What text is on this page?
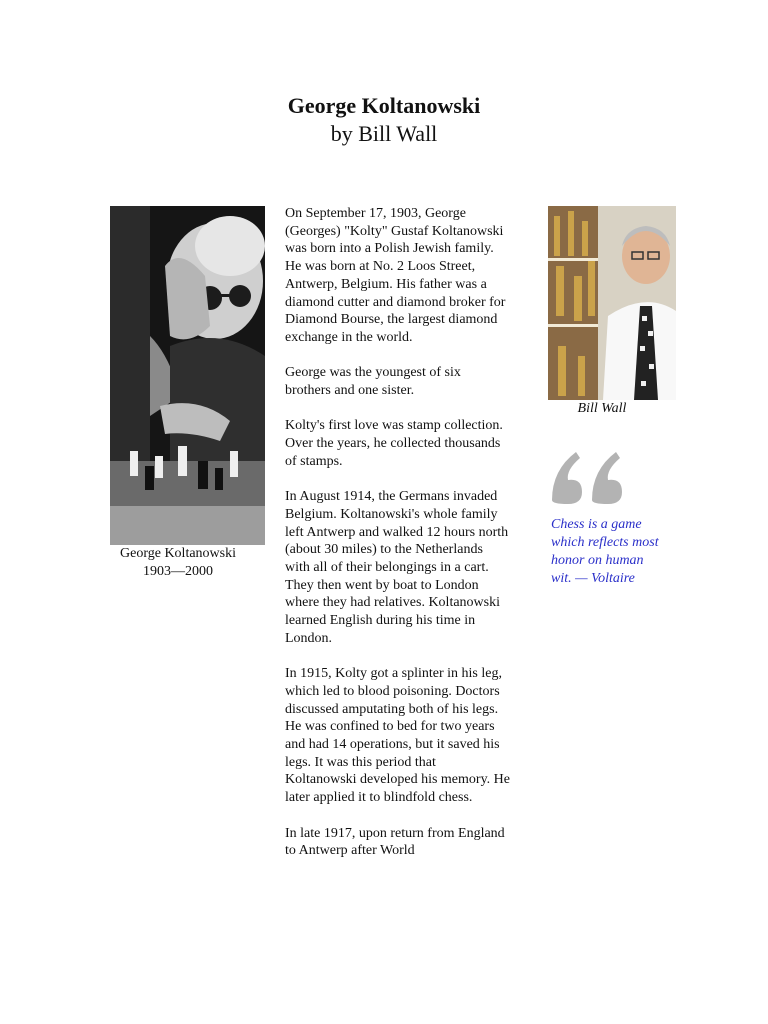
George Koltanowski
by Bill Wall
George Koltanowski
1903—2000

On September 17, 1903, George (Georges) "Kolty" Gustaf Koltanowski was born into a Polish Jewish family. He was born at No. 2 Loos Street, Antwerp, Belgium. His father was a diamond cutter and diamond broker for Diamond Bourse, the largest diamond exchange in the world.

George was the youngest of six brothers and one sister.

Kolty's first love was stamp collection. Over the years, he collected thousands of stamps.

In August 1914, the Germans invaded Belgium. Koltanowski's whole family left Antwerp and walked 12 hours north (about 30 miles) to the Netherlands with all of their belongings in a cart. They then went by boat to London where they had relatives. Koltanowski learned English during his time in London.

In 1915, Kolty got a splinter in his leg, which led to blood poisoning. Doctors discussed amputating both of his legs. He was confined to bed for two years and had 14 operations, but it saved his legs. It was this period that Koltanowski developed his memory. He later applied it to blindfold chess.

In late 1917, upon return from England to Antwerp after World

Bill Wall
Chess is a game which reflects most honor on human wit. — Voltaire
